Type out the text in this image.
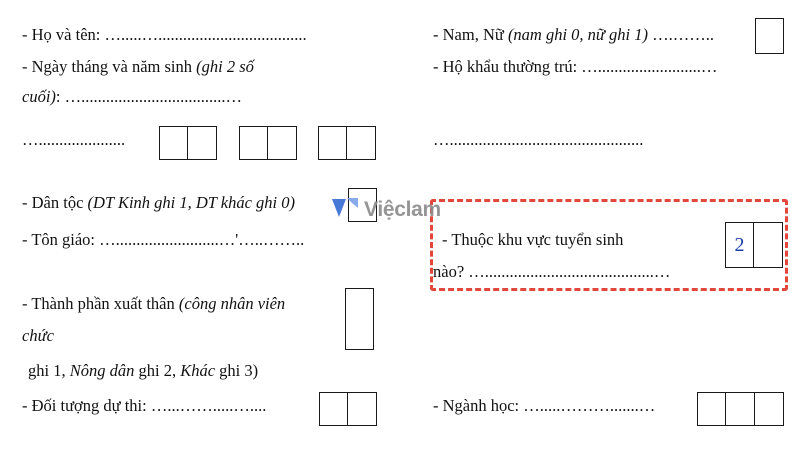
- Họ và tên: ….....…....................................
- Ngày tháng và năm sinh (ghi 2 số
cuối): …...................................…
….....................
- Dân tộc (DT Kinh ghi 1, DT khác ghi 0)
- Tôn giáo: ….........................…'…..……..
- Thành phần xuất thân (công nhân viên
chức
ghi 1, Nông dân ghi 2, Khác ghi 3)
- Đối tượng dự thi: …...…….....…....
- Nam, Nữ (nam ghi 0, nữ ghi 1) ….……..
- Hộ khẩu thường trú: ….........................…
…...............................................
- Thuộc khu vực tuyển sinh
nào? ….........................................…
2
- Ngành học: ….....……….......…
Việclam
